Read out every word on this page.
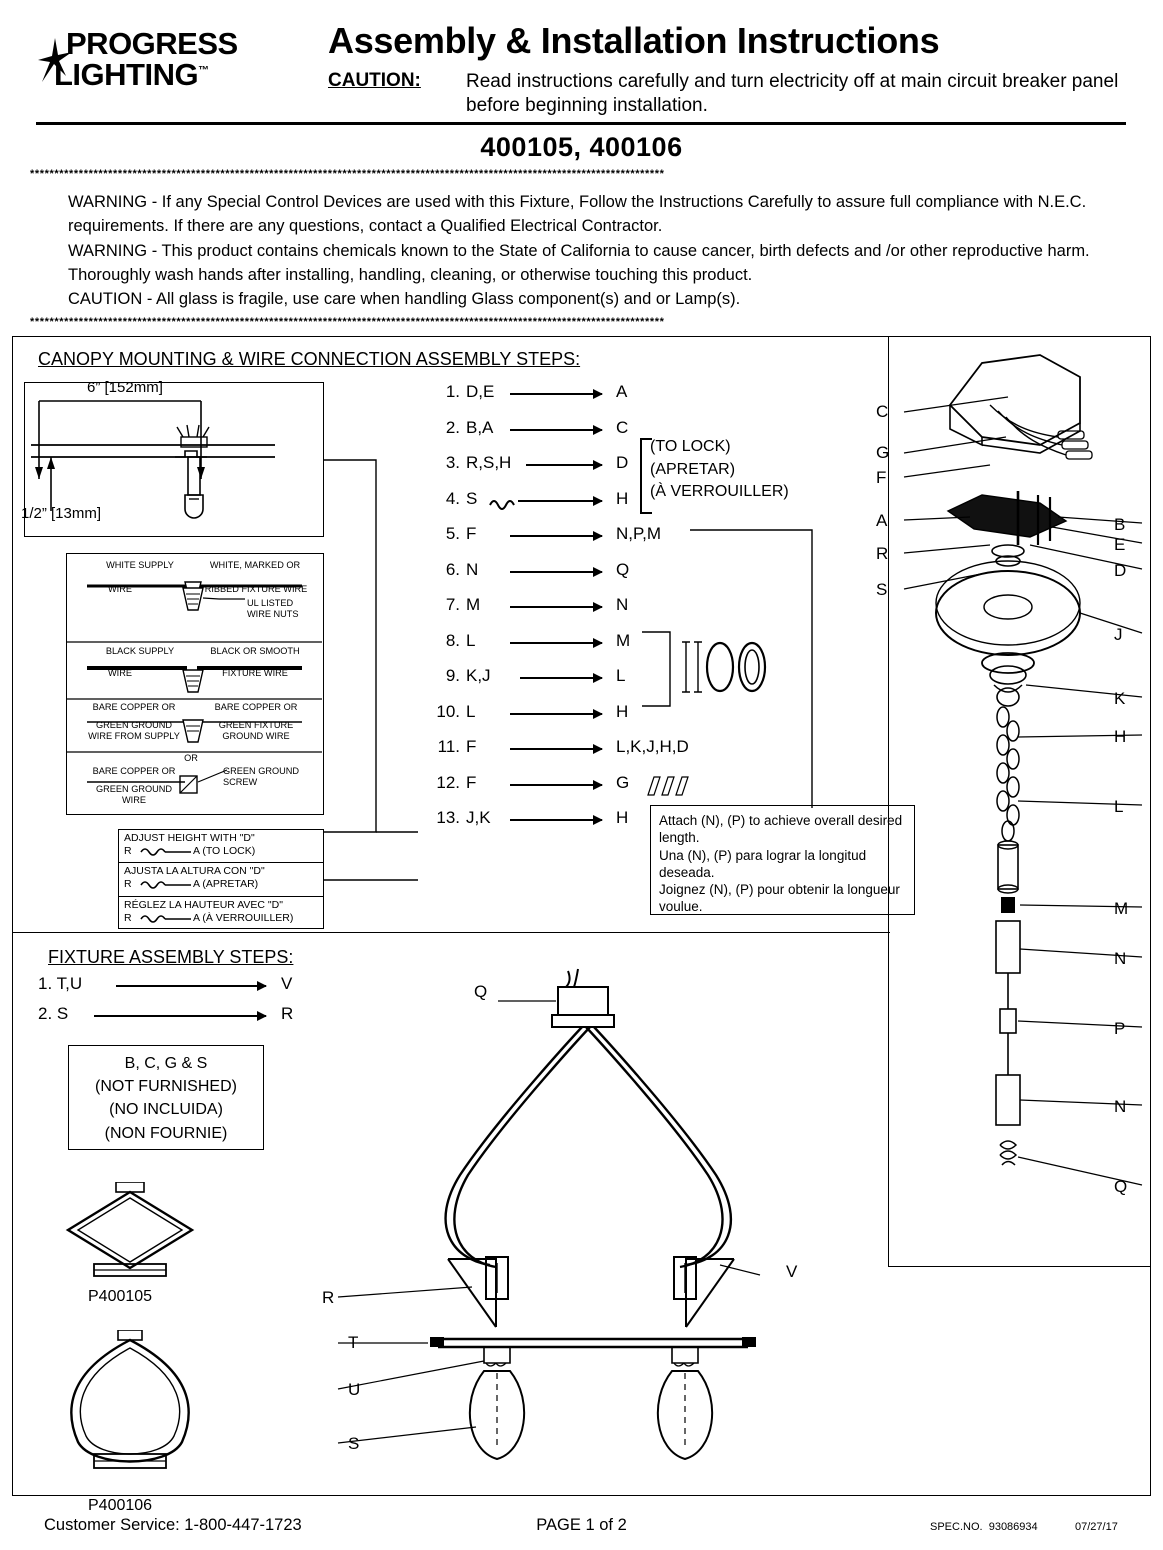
PROGRESS
LIGHTING™
Assembly & Installation Instructions
CAUTION: Read instructions carefully and turn electricity off at main circuit breaker panel before beginning installation.
400105, 400106
**********************************************************************************************************************************
WARNING - If any Special Control Devices are used with this Fixture, Follow the Instructions Carefully to assure full compliance with N.E.C. requirements. If there are any questions, contact a Qualified Electrical Contractor.
WARNING - This product contains chemicals known to the State of California to cause cancer, birth defects and /or other reproductive harm. Thoroughly wash hands after installing, handling, cleaning, or otherwise touching this product.
CAUTION - All glass is fragile, use care when handling Glass component(s) and or Lamp(s).
**********************************************************************************************************************************
CANOPY MOUNTING & WIRE CONNECTION ASSEMBLY STEPS:
6” [152mm]
1/2” [13mm]
WHITE SUPPLY
WIRE
WHITE, MARKED OR
RIBBED FIXTURE WIRE
UL LISTED
WIRE NUTS
BLACK SUPPLY
WIRE
BLACK OR SMOOTH
FIXTURE WIRE
BARE COPPER OR
GREEN GROUND
WIRE FROM SUPPLY
BARE COPPER OR
GREEN FIXTURE
GROUND WIRE
OR
BARE COPPER OR
GREEN GROUND
WIRE
GREEN GROUND
SCREW
ADJUST HEIGHT WITH "D"
R	A (TO LOCK)
AJUSTA LA ALTURA CON "D"
R	A (APRETAR)
RÉGLEZ LA HAUTEUR AVEC "D"
R	A (À VERROUILLER)
1. D,E	A
2. B,A	C
3. R,S,H	D
4. S	H
5. F	N,P,M
6. N	Q
7. M	N
8. L	M
9. K,J	L
10. L	H
11. F	L,K,J,H,D
12. F	G
13. J,K	H
(TO LOCK)
(APRETAR)
(À VERROUILLER)
Attach (N), (P) to achieve overall desired length.
Una (N), (P) para lograr la longitud deseada.
Joignez (N), (P) pour obtenir la longueur voulue.
C
G
F
A
R
S
B
E
D
J
K
H
L
M
N
P
N
Q
FIXTURE ASSEMBLY STEPS:
1. T,U	V
2. S	R
B, C, G & S
(NOT FURNISHED)
(NO INCLUIDA)
(NON FOURNIE)
P400105
P400106
Q
V
R
T
U
S
Customer Service: 1-800-447-1723	PAGE 1 of 2	SPEC.NO. 93086934	07/27/17
